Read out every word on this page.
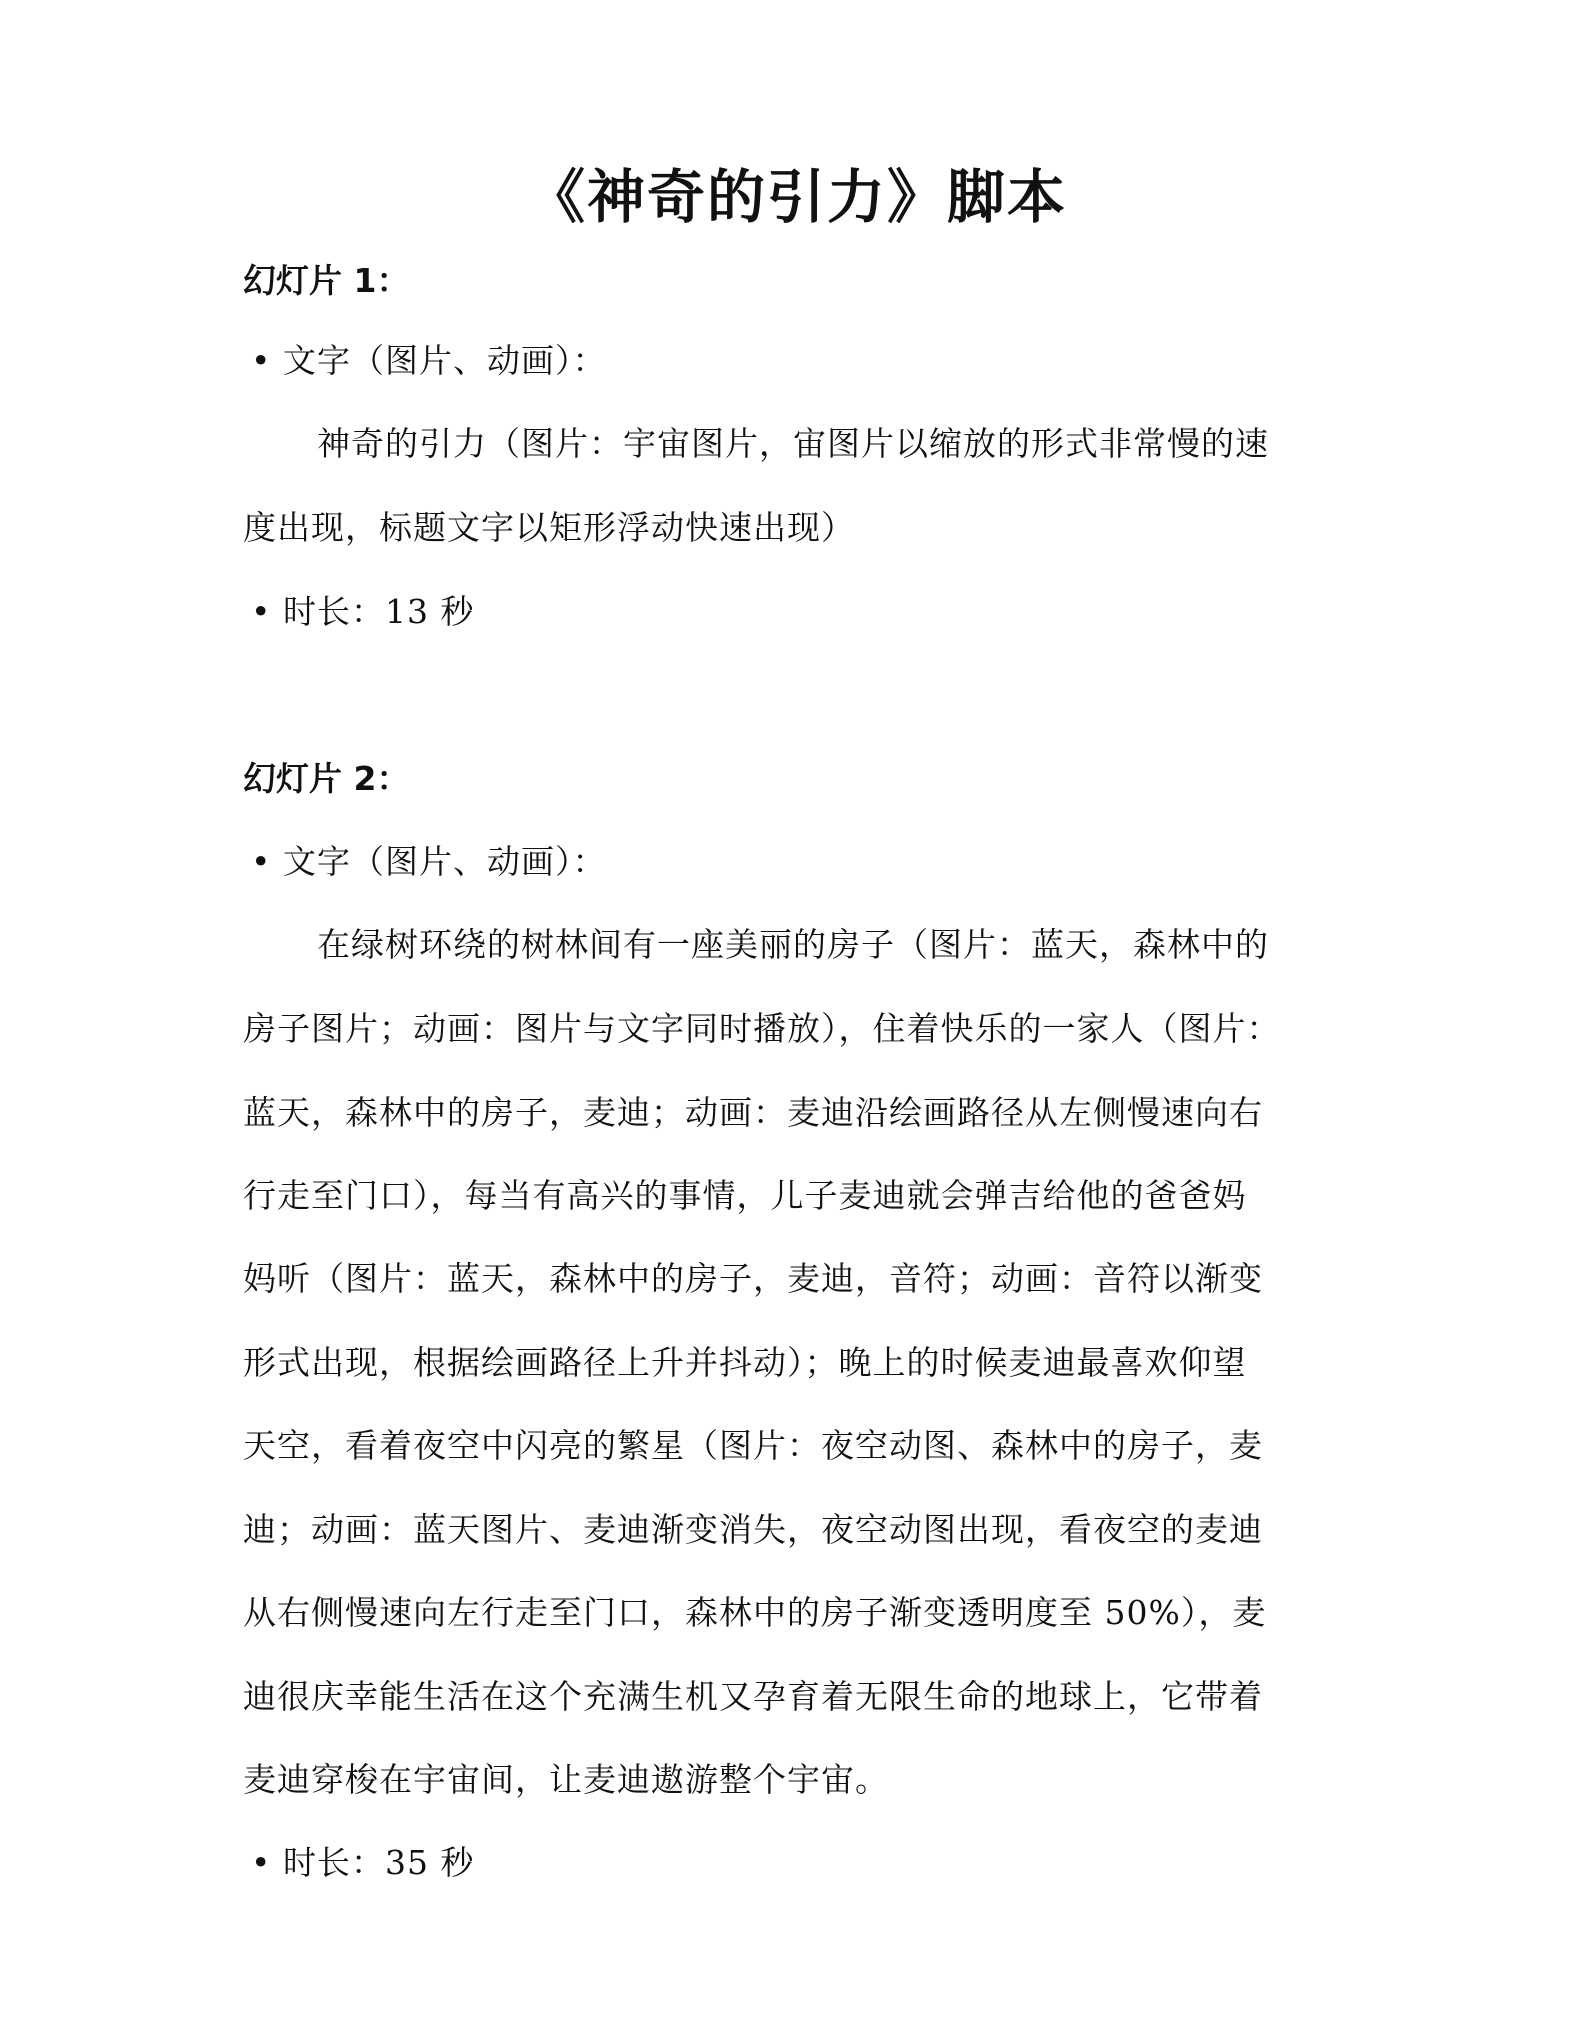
《神奇的引力》脚本
幻灯片 1：
• 文字（图片、动画）：
神奇的引力（图片：宇宙图片，宙图片以缩放的形式非常慢的速
度出现，标题文字以矩形浮动快速出现）
• 时长：13 秒
幻灯片 2：
• 文字（图片、动画）：
在绿树环绕的树林间有一座美丽的房子（图片：蓝天，森林中的
房子图片；动画：图片与文字同时播放），住着快乐的一家人（图片：
蓝天，森林中的房子，麦迪；动画：麦迪沿绘画路径从左侧慢速向右
行走至门口），每当有高兴的事情，儿子麦迪就会弹吉给他的爸爸妈
妈听（图片：蓝天，森林中的房子，麦迪，音符；动画：音符以渐变
形式出现，根据绘画路径上升并抖动）；晚上的时候麦迪最喜欢仰望
天空，看着夜空中闪亮的繁星（图片：夜空动图、森林中的房子，麦
迪；动画：蓝天图片、麦迪渐变消失，夜空动图出现，看夜空的麦迪
从右侧慢速向左行走至门口，森林中的房子渐变透明度至 50%），麦
迪很庆幸能生活在这个充满生机又孕育着无限生命的地球上，它带着
麦迪穿梭在宇宙间，让麦迪遨游整个宇宙。
• 时长：35 秒
